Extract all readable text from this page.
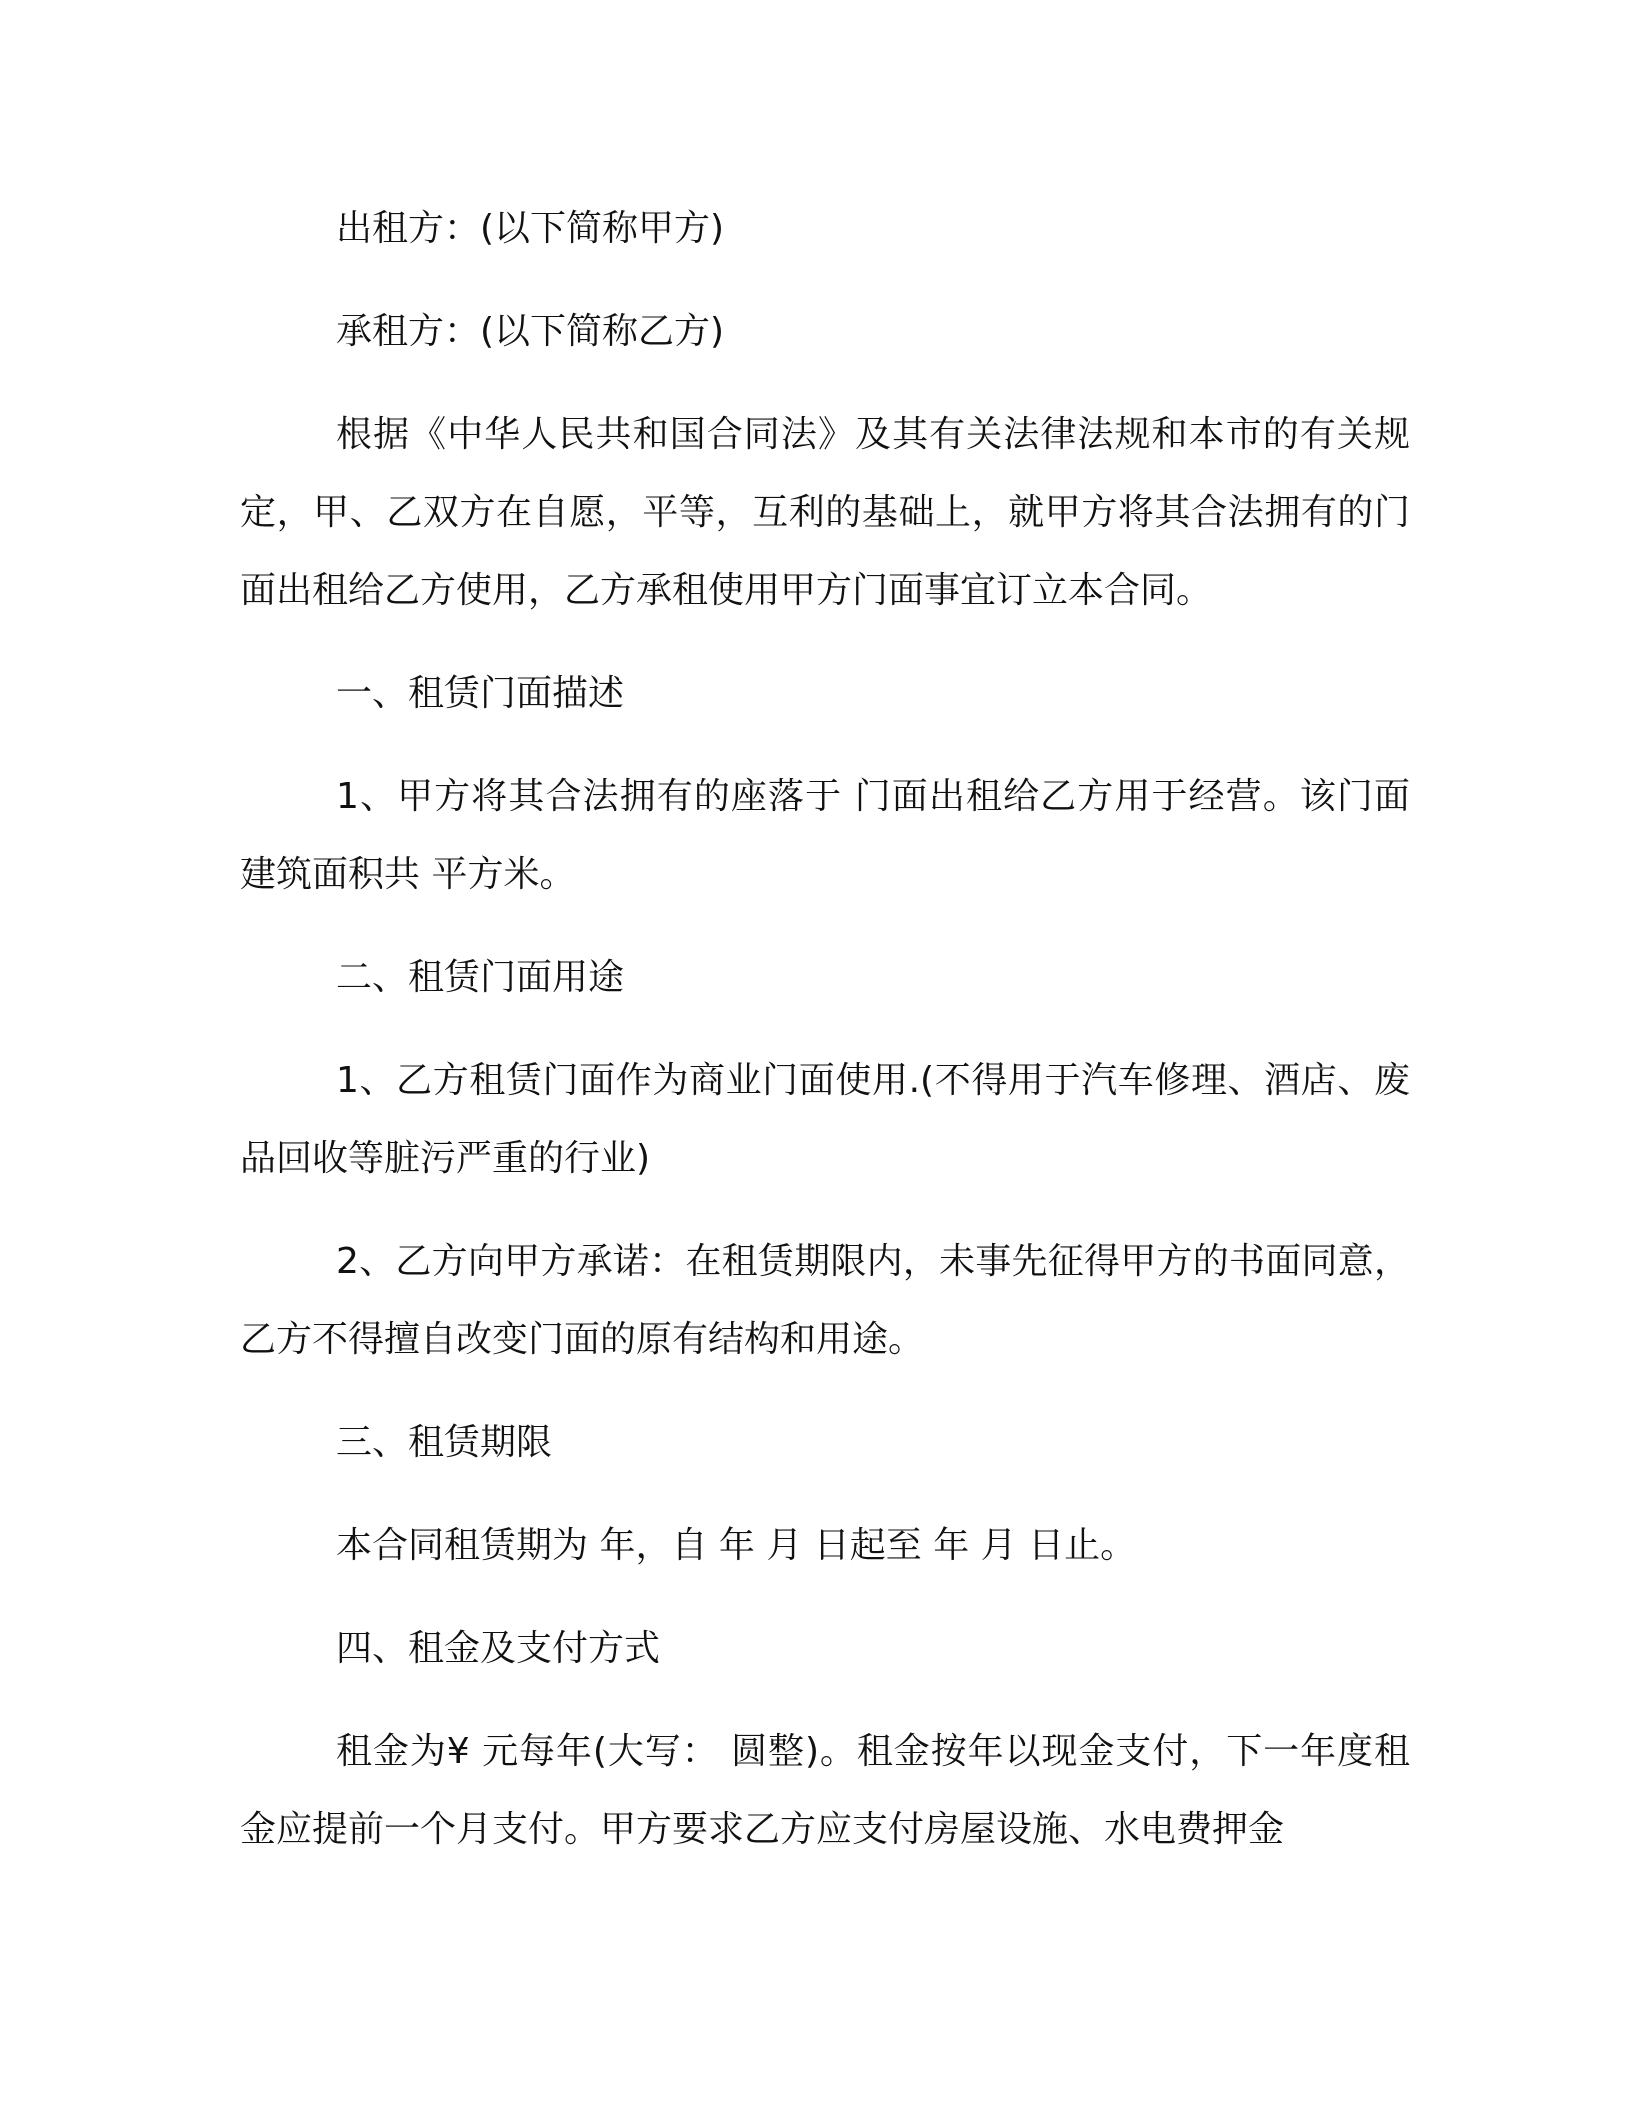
出租方：(以下简称甲方)

承租方：(以下简称乙方)

根据《中华人民共和国合同法》及其有关法律法规和本市的有关规定，甲、乙双方在自愿，平等，互利的基础上，就甲方将其合法拥有的门面出租给乙方使用，乙方承租使用甲方门面事宜订立本合同。

一、租赁门面描述

1、甲方将其合法拥有的座落于 门面出租给乙方用于经营。该门面建筑面积共 平方米。

二、租赁门面用途

1、乙方租赁门面作为商业门面使用.(不得用于汽车修理、酒店、废品回收等脏污严重的行业)

2、乙方向甲方承诺：在租赁期限内，未事先征得甲方的书面同意，乙方不得擅自改变门面的原有结构和用途。

三、租赁期限

本合同租赁期为 年，自 年 月 日起至 年 月 日止。

四、租金及支付方式

租金为¥ 元每年(大写： 圆整)。租金按年以现金支付，下一年度租金应提前一个月支付。甲方要求乙方应支付房屋设施、水电费押金
